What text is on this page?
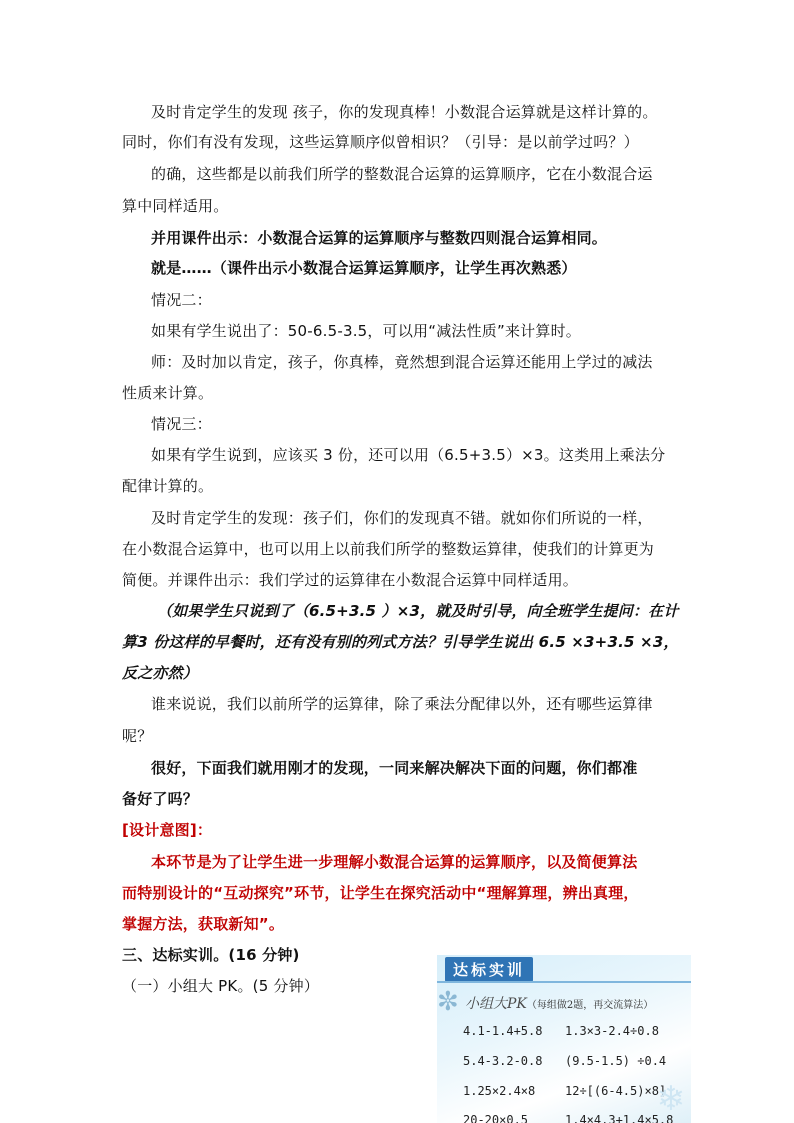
及时肯定学生的发现 孩子，你的发现真棒！小数混合运算就是这样计算的。
同时，你们有没有发现，这些运算顺序似曾相识？（引导：是以前学过吗？）
的确，这些都是以前我们所学的整数混合运算的运算顺序，它在小数混合运
算中同样适用。
并用课件出示：小数混合运算的运算顺序与整数四则混合运算相同。
就是……（课件出示小数混合运算运算顺序，让学生再次熟悉）
情况二：
如果有学生说出了：50-6.5-3.5，可以用“减法性质”来计算时。
师：及时加以肯定，孩子，你真棒，竟然想到混合运算还能用上学过的减法
性质来计算。
情况三：
如果有学生说到，应该买 3 份，还可以用（6.5+3.5）×3。这类用上乘法分
配律计算的。
及时肯定学生的发现：孩子们，你们的发现真不错。就如你们所说的一样，
在小数混合运算中，也可以用上以前我们所学的整数运算律，使我们的计算更为
简便。并课件出示：我们学过的运算律在小数混合运算中同样适用。
（如果学生只说到了（6.5+3.5 ）×3，就及时引导，向全班学生提问：在计
算3 份这样的早餐时，还有没有别的列式方法？引导学生说出 6.5 ×3+3.5 ×3，
反之亦然）
谁来说说，我们以前所学的运算律，除了乘法分配律以外，还有哪些运算律
呢？
很好，下面我们就用刚才的发现，一同来解决解决下面的问题，你们都准
备好了吗？
[设计意图]：
本环节是为了让学生进一步理解小数混合运算的运算顺序，以及简便算法
而特别设计的“互动探究”环节，让学生在探究活动中“理解算理，辨出真理，
掌握方法，获取新知”。
三、达标实训。(16 分钟)
（一）小组大 PK。(5 分钟）
达标实训
✼ 小组大PK（每组做2题，再交流算法）
4.1-1.4+5.8 1.3×3-2.4÷0.8
5.4-3.2-0.8 (9.5-1.5) ÷0.4
1.25×2.4×8 12÷[(6-4.5)×8]
20-20×0.5	1.4×4.3+1.4×5.8
❄
